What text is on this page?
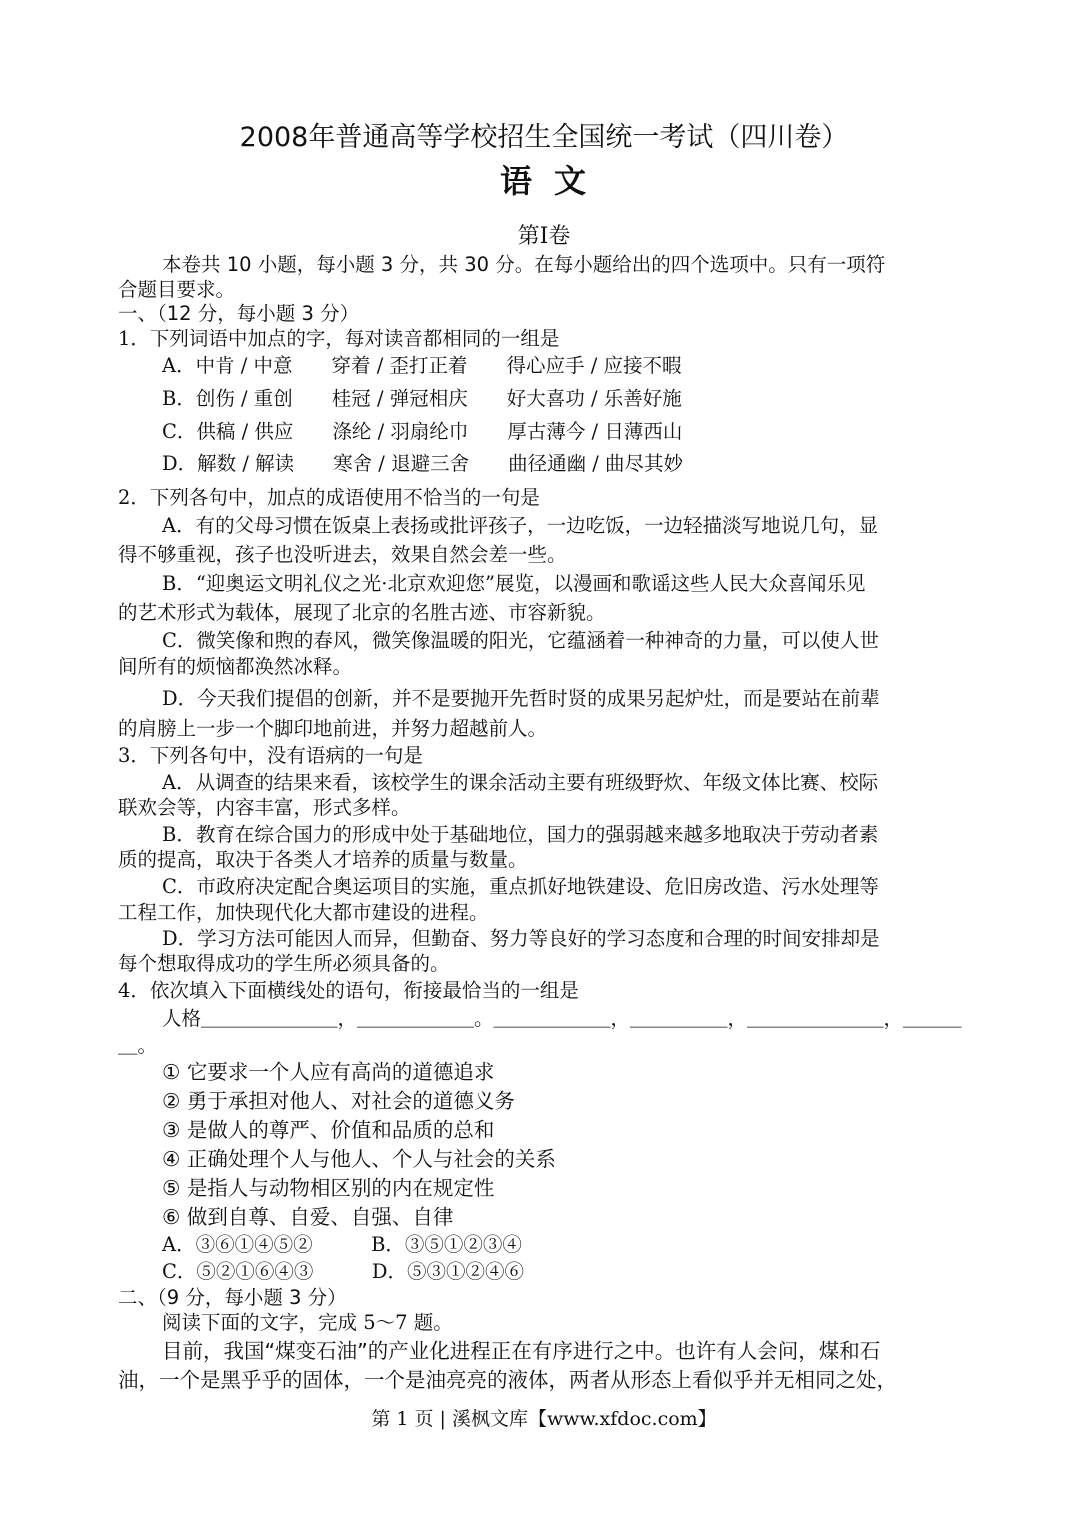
2008年普通高等学校招生全国统一考试（四川卷）
语文
第Ⅰ卷
本卷共 10 小题，每小题 3 分，共 30 分。在每小题给出的四个选项中。只有一项符
合题目要求。
一、（12 分，每小题 3 分）
1．下列词语中加点的字，每对读音都相同的一组是
A．中肯 / 中意　　穿着 / 歪打正着　　得心应手 / 应接不暇
B．创伤 / 重创　　桂冠 / 弹冠相庆　　好大喜功 / 乐善好施
C．供稿 / 供应　　涤纶 / 羽扇纶巾　　厚古薄今 / 日薄西山
D．解数 / 解读　　寒舍 / 退避三舍　　曲径通幽 / 曲尽其妙
2．下列各句中，加点的成语使用不恰当的一句是
A．有的父母习惯在饭桌上表扬或批评孩子，一边吃饭，一边轻描淡写地说几句，显
得不够重视，孩子也没听进去，效果自然会差一些。
B．“迎奥运文明礼仪之光·北京欢迎您”展览，以漫画和歌谣这些人民大众喜闻乐见
的艺术形式为载体，展现了北京的名胜古迹、市容新貌。
C．微笑像和煦的春风，微笑像温暖的阳光，它蕴涵着一种神奇的力量，可以使人世
间所有的烦恼都涣然冰释。
D．今天我们提倡的创新，并不是要抛开先哲时贤的成果另起炉灶，而是要站在前辈
的肩膀上一步一个脚印地前进，并努力超越前人。
3．下列各句中，没有语病的一句是
A．从调查的结果来看，该校学生的课余活动主要有班级野炊、年级文体比赛、校际
联欢会等，内容丰富，形式多样。
B．教育在综合国力的形成中处于基础地位，国力的强弱越来越多地取决于劳动者素
质的提高，取决于各类人才培养的质量与数量。
C．市政府决定配合奥运项目的实施，重点抓好地铁建设、危旧房改造、污水处理等
工程工作，加快现代化大都市建设的进程。
D．学习方法可能因人而异，但勤奋、努力等良好的学习态度和合理的时间安排却是
每个想取得成功的学生所必须具备的。
4．依次填入下面横线处的语句，衔接最恰当的一组是
人格＿＿＿＿＿＿＿，＿＿＿＿＿＿。＿＿＿＿＿＿，＿＿＿＿＿，＿＿＿＿＿＿＿，＿＿＿
＿。
① 它要求一个人应有高尚的道德追求
② 勇于承担对他人、对社会的道德义务
③ 是做人的尊严、价值和品质的总和
④ 正确处理个人与他人、个人与社会的关系
⑤ 是指人与动物相区别的内在规定性
⑥ 做到自尊、自爱、自强、自律
A．③⑥①④⑤②　　　B．③⑤①②③④
C．⑤②①⑥④③　　　D．⑤③①②④⑥
二、（9 分，每小题 3 分）
阅读下面的文字，完成 5～7 题。
目前，我国“煤变石油”的产业化进程正在有序进行之中。也许有人会问，煤和石
油，一个是黑乎乎的固体，一个是油亮亮的液体，两者从形态上看似乎并无相同之处，
第 1 页 | 溪枫文库【www.xfdoc.com】
